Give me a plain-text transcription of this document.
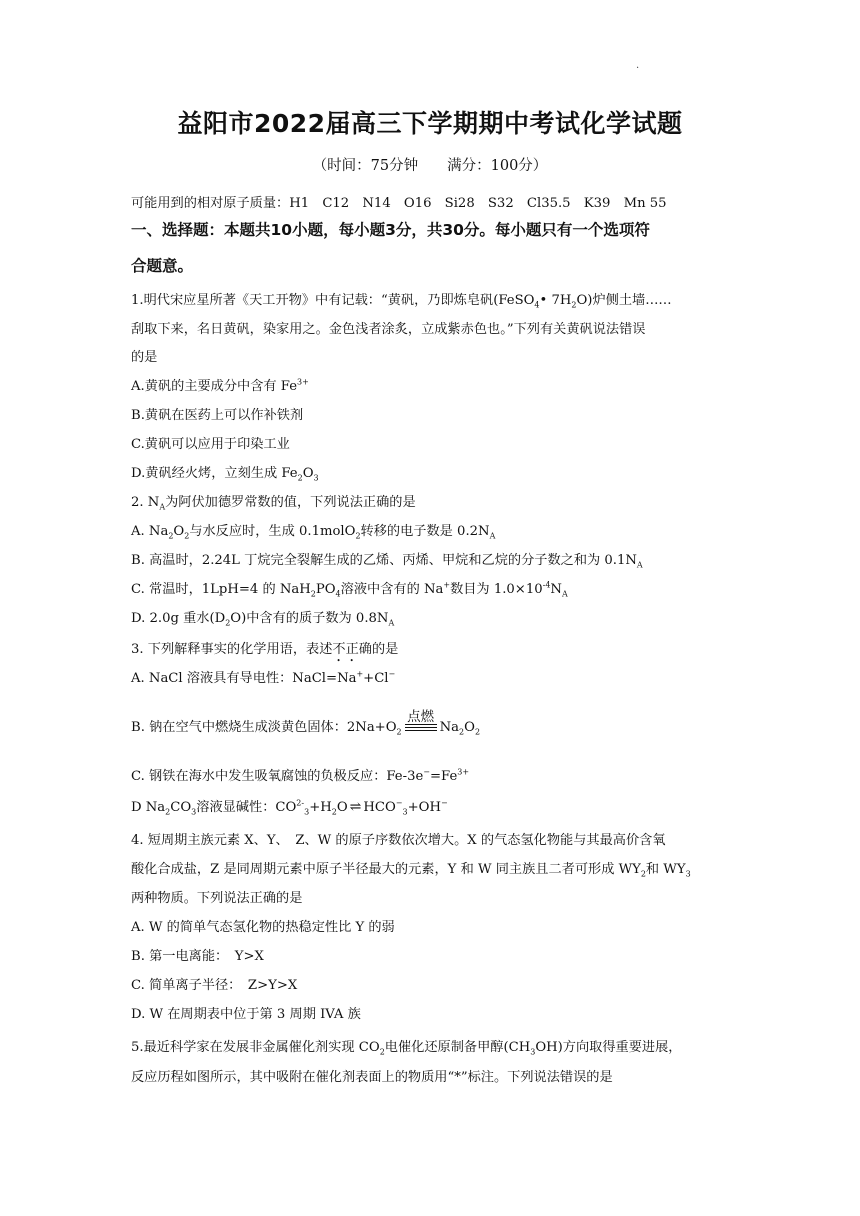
.
益阳市2022届高三下学期期中考试化学试题
（时间：75分钟　　满分：100分）
可能用到的相对原子质量：H1　C12　N14　O16　Si28　S32　Cl35.5　K39　Mn 55
一、选择题：本题共10小题，每小题3分，共30分。每小题只有一个选项符
合题意。
1.明代宋应星所著《天工开物》中有记载：“黄矾，乃即炼皂矾(FeSO$_4$• $7H_2O$)炉侧土墙……
刮取下来，名日黄矾，染家用之。金色浅者涂炙，立成紫赤色也。”下列有关黄矾说法错误
的是
A.黄矾的主要成分中含有 $Fe^{3+}$
B.黄矾在医药上可以作补铁剂
C.黄矾可以应用于印染工业
D.黄矾经火烤，立刻生成 $Fe_2O_3$
2. $N_A$为阿伏加德罗常数的值，下列说法正确的是
A. $Na_2O_2$与水反应时，生成 0.1molO$_2$转移的电子数是 $0.2N_A$
B. 高温时，2.24L 丁烷完全裂解生成的乙烯、丙烯、甲烷和乙烷的分子数之和为 $0.1N_A$
C. 常温时，1LpH=4 的 $NaH_2PO_4$溶液中含有的 Na+数目为 $1.0\times 10^{-4}N_A$
D. 2.0g 重水$(D_2O)$中含有的质子数为 $0.8N_A$
3. 下列解释事实的化学用语，表述不正确的是
A. NaCl 溶液具有导电性：NaCl=Na++Cl−
B. 钠在空气中燃烧生成淡黄色固体：$2Na+O_2$
点燃
$Na_2O_2$
C. 钢铁在海水中发生吸氧腐蚀的负极反应：$Fe-3e^-=Fe^{3+}$
D $Na_2CO_3$溶液显碱性：$CO^{2-}_3+H_2O$ ⇌ $HCO^-_3+OH^-$
4. 短周期主族元素 X、Y、　Z、W 的原子序数依次增大。X 的气态氢化物能与其最高价含氧
酸化合成盐，Z 是同周期元素中原子半径最大的元素，Y 和 W 同主族且二者可形成 $WY_2$和 $WY_3$
两种物质。下列说法正确的是
A. W 的简单气态氢化物的热稳定性比 Y 的弱
B. 第一电离能：　Y>X
C. 简单离子半径：　Z>Y>X
D. W 在周期表中位于第 3 周期 IVA 族
5.最近科学家在发展非金属催化剂实现 $CO_2$电催化还原制备甲醇$(CH_3OH)$方向取得重要进展，
反应历程如图所示，其中吸附在催化剂表面上的物质用“*”标注。下列说法错误的是
